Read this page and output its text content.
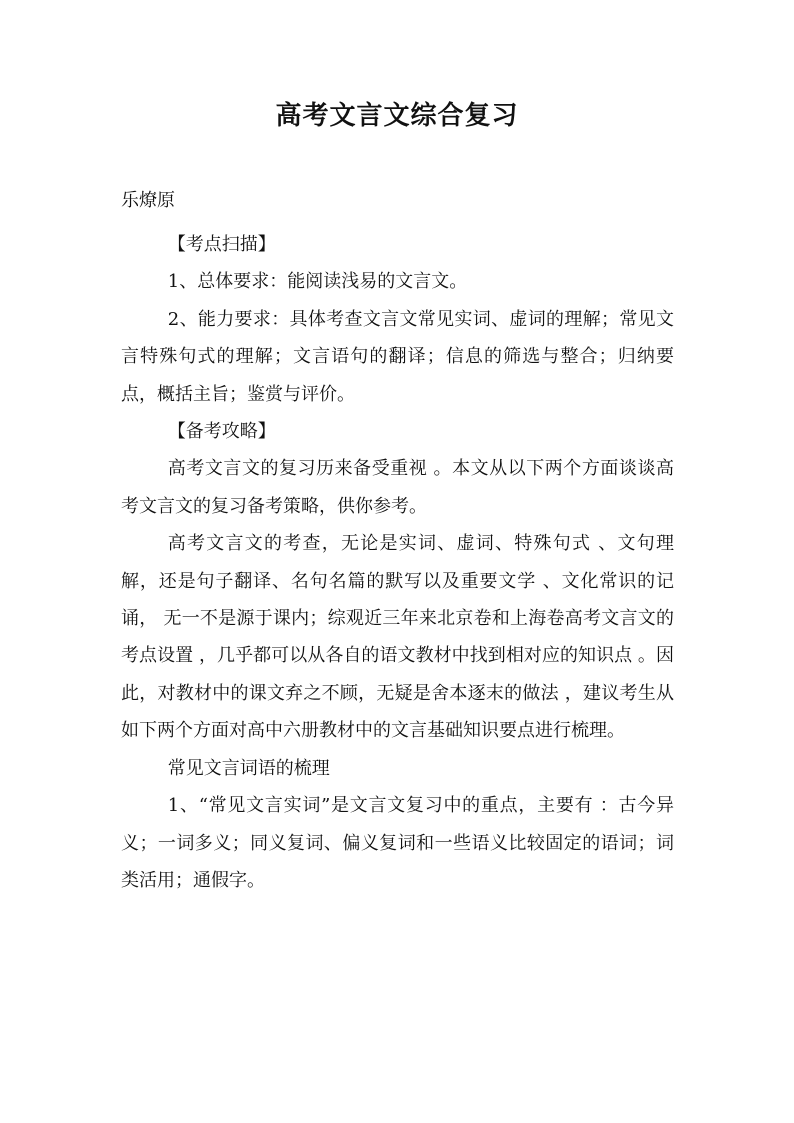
高考文言文综合复习
乐燎原

【考点扫描】

1、总体要求：能阅读浅易的文言文。

2、能力要求：具体考查文言文常见实词、虚词的理解；常见文言特殊句式的理解；文言语句的翻译；信息的筛选与整合；归纳要点，概括主旨；鉴赏与评价。

【备考攻略】

高考文言文的复习历来备受重视 。本文从以下两个方面谈谈高考文言文的复习备考策略，供你参考。

高考文言文的考查，无论是实词、虚词、特殊句式 、文句理解，还是句子翻译、名句名篇的默写以及重要文学 、文化常识的记诵， 无一不是源于课内；综观近三年来北京卷和上海卷高考文言文的考点设置 ，几乎都可以从各自的语文教材中找到相对应的知识点 。因此，对教材中的课文弃之不顾，无疑是舍本逐末的做法 ，建议考生从如下两个方面对高中六册教材中的文言基础知识要点进行梳理。

常见文言词语的梳理

1、“常见文言实词”是文言文复习中的重点，主要有 ：古今异义；一词多义；同义复词、偏义复词和一些语义比较固定的语词；词类活用；通假字。
